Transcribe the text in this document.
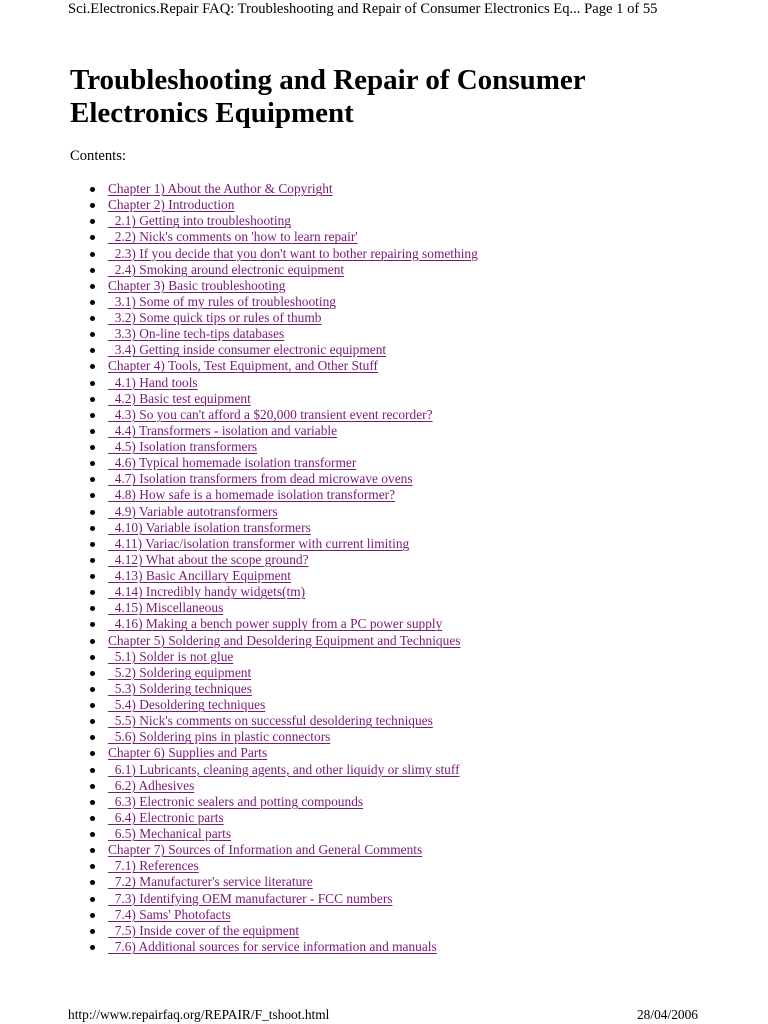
Sci.Electronics.Repair FAQ: Troubleshooting and Repair of Consumer Electronics Eq... Page 1 of 55
Troubleshooting and Repair of Consumer Electronics Equipment

Contents:

Chapter 1) About the Author & Copyright
Chapter 2) Introduction
2.1) Getting into troubleshooting
2.2) Nick's comments on 'how to learn repair'
2.3) If you decide that you don't want to bother repairing something
2.4) Smoking around electronic equipment
Chapter 3) Basic troubleshooting
3.1) Some of my rules of troubleshooting
3.2) Some quick tips or rules of thumb
3.3) On-line tech-tips databases
3.4) Getting inside consumer electronic equipment
Chapter 4) Tools, Test Equipment, and Other Stuff
4.1) Hand tools
4.2) Basic test equipment
4.3) So you can't afford a $20,000 transient event recorder?
4.4) Transformers - isolation and variable
4.5) Isolation transformers
4.6) Typical homemade isolation transformer
4.7) Isolation transformers from dead microwave ovens
4.8) How safe is a homemade isolation transformer?
4.9) Variable autotransformers
4.10) Variable isolation transformers
4.11) Variac/isolation transformer with current limiting
4.12) What about the scope ground?
4.13) Basic Ancillary Equipment
4.14) Incredibly handy widgets(tm)
4.15) Miscellaneous
4.16) Making a bench power supply from a PC power supply
Chapter 5) Soldering and Desoldering Equipment and Techniques
5.1) Solder is not glue
5.2) Soldering equipment
5.3) Soldering techniques
5.4) Desoldering techniques
5.5) Nick's comments on successful desoldering techniques
5.6) Soldering pins in plastic connectors
Chapter 6) Supplies and Parts
6.1) Lubricants, cleaning agents, and other liquidy or slimy stuff
6.2) Adhesives
6.3) Electronic sealers and potting compounds
6.4) Electronic parts
6.5) Mechanical parts
Chapter 7) Sources of Information and General Comments
7.1) References
7.2) Manufacturer's service literature
7.3) Identifying OEM manufacturer - FCC numbers
7.4) Sams' Photofacts
7.5) Inside cover of the equipment
7.6) Additional sources for service information and manuals
http://www.repairfaq.org/REPAIR/F_tshoot.html	28/04/2006
